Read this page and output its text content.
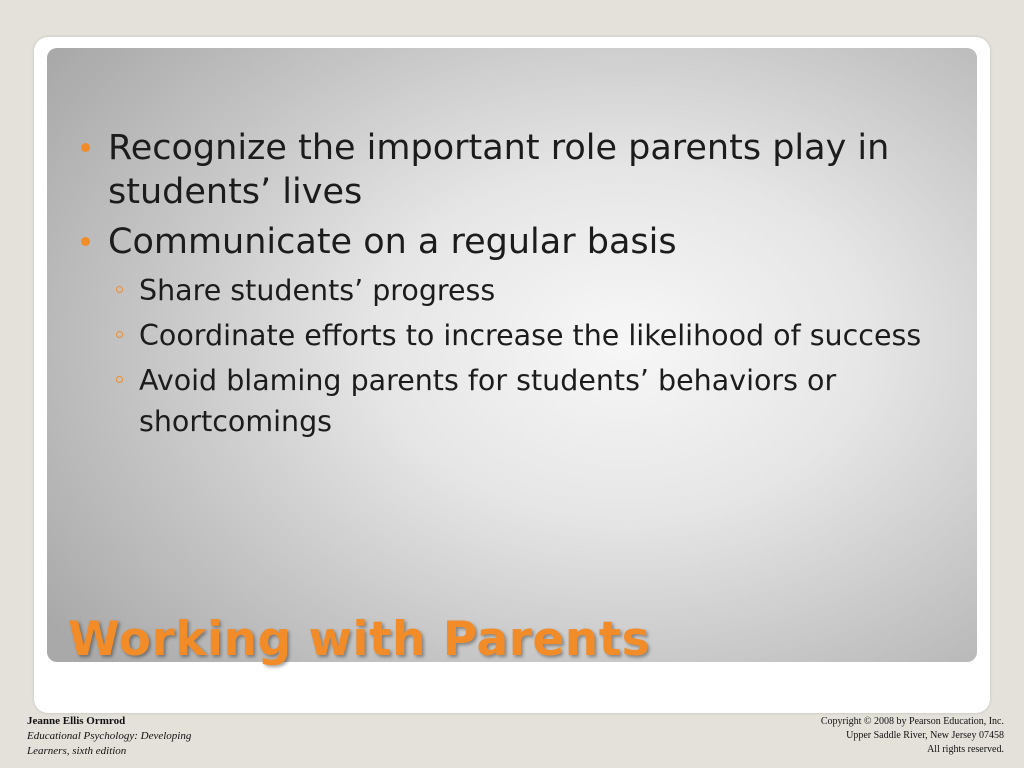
Recognize the important role parents play in students’ lives
Communicate on a regular basis
Share students’ progress
Coordinate efforts to increase the likelihood of success
Avoid blaming parents for students’ behaviors or shortcomings
Working with Parents
Jeanne Ellis Ormrod
Educational Psychology: Developing
Learners, sixth edition
Copyright © 2008 by Pearson Education, Inc.
Upper Saddle River, New Jersey 07458
All rights reserved.
